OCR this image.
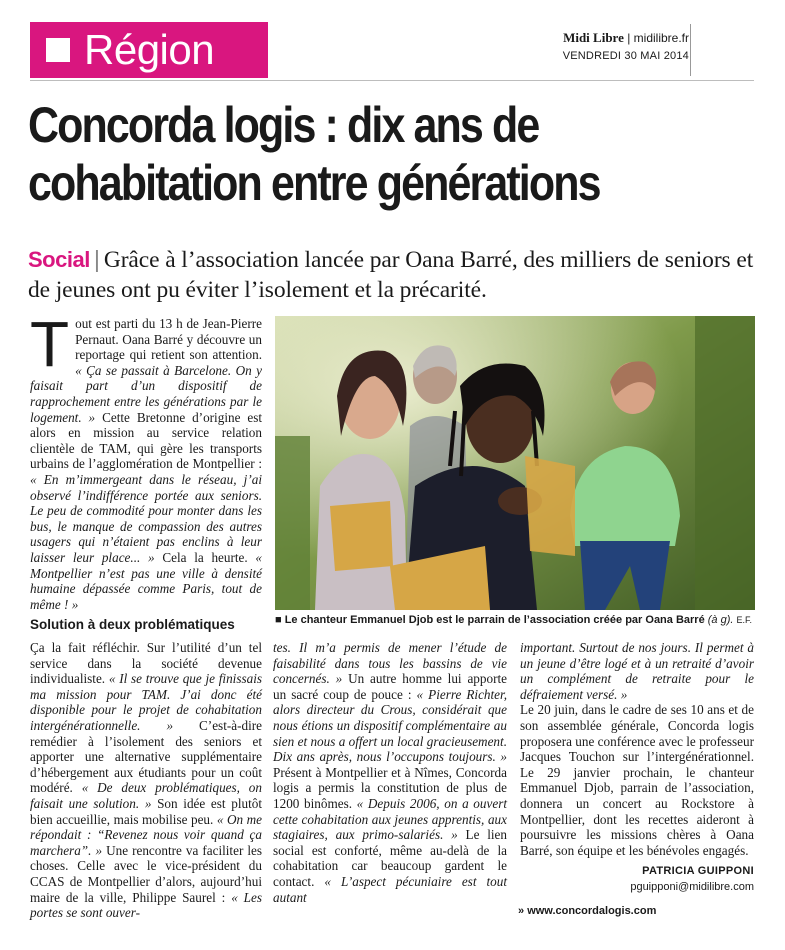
Région	Midi Libre | midilibre.fr
VENDREDI 30 MAI 2014
Concorda logis : dix ans de
cohabitation entre générations
Social | Grâce à l’association lancée par Oana Barré, des milliers de seniors et de jeunes ont pu éviter l’isolement et la précarité.
T out est parti du 13 h de Jean-Pierre Pernaut. Oana Barré y découvre un reportage qui retient son attention. « Ça se passait à Barcelone. On y faisait part d’un dispositif de rapprochement entre les générations par le logement. » Cette Bretonne d’origine est alors en mission au service relation clientèle de TAM, qui gère les transports urbains de l’agglomération de Montpellier : « En m’immergeant dans le réseau, j’ai observé l’indifférence portée aux seniors. Le peu de commodité pour monter dans les bus, le manque de compassion des autres usagers qui n’étaient pas enclins à leur laisser leur place... » Cela la heurte. « Montpellier n’est pas une ville à densité humaine dépassée comme Paris, tout de même ! »

Solution à deux problématiques	■ Le chanteur Emmanuel Djob est le parrain de l’association créée par Oana Barré (à g). E.F.

Ça la fait réfléchir. Sur l’utilité d’un tel service dans la société devenue individualiste. « Il se trouve que je finissais ma mission pour TAM. J’ai donc été disponible pour le projet de cohabitation intergénérationnelle. » C’est-à-dire remédier à l’isolement des seniors et apporter une alternative supplémentaire d’hébergement aux étudiants pour un coût modéré. « De deux problématiques, on faisait une solution. » Son idée est plutôt bien accueillie, mais mobilise peu. « On me répondait : “Revenez nous voir quand ça marchera”. » Une rencontre va faciliter les choses. Celle avec le vice-président du CCAS de Montpellier d’alors, aujourd’hui maire de la ville, Philippe Saurel : « Les portes se sont ouver-

tes. Il m’a permis de mener l’étude de faisabilité dans tous les bassins de vie concernés. » Un autre homme lui apporte un sacré coup de pouce : « Pierre Richter, alors directeur du Crous, considérait que nous étions un dispositif complémentaire au sien et nous a offert un local gracieusement. Dix ans après, nous l’occupons toujours. » Présent à Montpellier et à Nîmes, Concorda logis a permis la constitution de plus de 1200 binômes. « Depuis 2006, on a ouvert cette cohabitation aux jeunes apprentis, aux stagiaires, aux primo-salariés. » Le lien social est conforté, même au-delà de la cohabitation car beaucoup gardent le contact. « L’aspect pécuniaire est tout autant

important. Surtout de nos jours. Il permet à un jeune d’être logé et à un retraité d’avoir un complément de retraite pour le défraiement versé. »

Le 20 juin, dans le cadre de ses 10 ans et de son assemblée générale, Concorda logis proposera une conférence avec le professeur Jacques Touchon sur l’intergénérationnel. Le 29 janvier prochain, le chanteur Emmanuel Djob, parrain de l’association, donnera un concert au Rockstore à Montpellier, dont les recettes aideront à poursuivre les missions chères à Oana Barré, son équipe et les bénévoles engagés.

PATRICIA GUIPPONI
pguipponi@midilibre.com
» www.concordalogis.com
